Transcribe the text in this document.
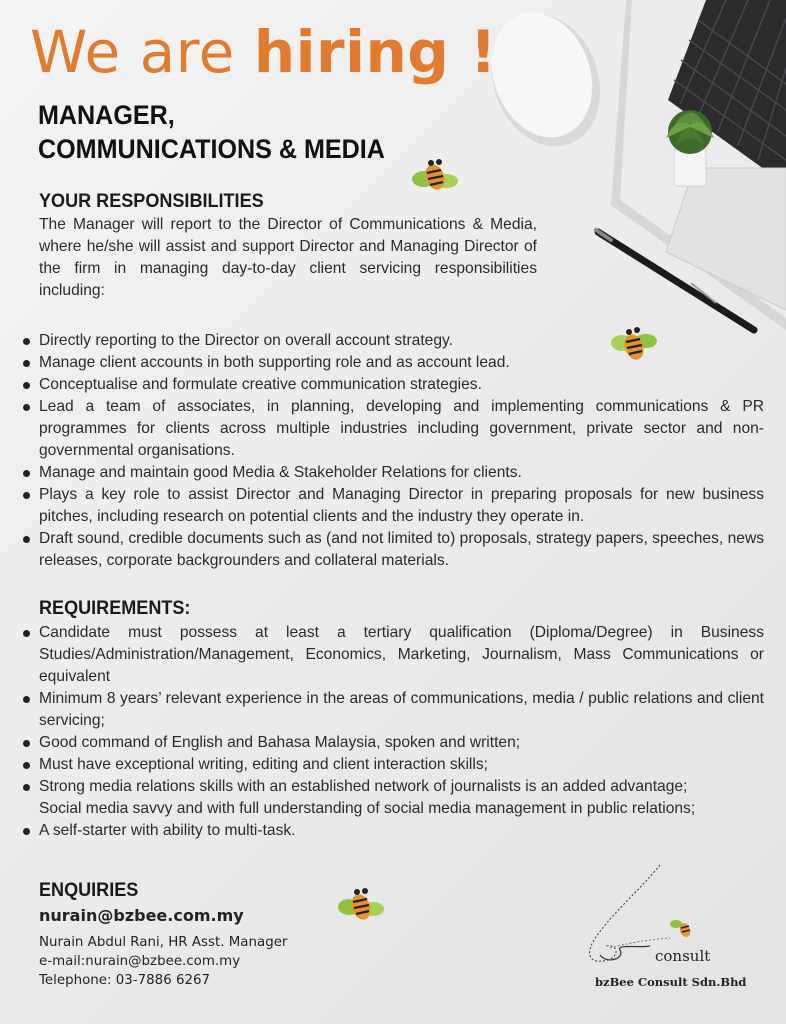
We are hiring !
MANAGER,
COMMUNICATIONS & MEDIA
YOUR RESPONSIBILITIES
The Manager will report to the Director of Communications & Media, where he/she will assist and support Director and Managing Director of the firm in managing day-to-day client servicing responsibilities including:
Directly reporting to the Director on overall account strategy.
Manage client accounts in both supporting role and as account lead.
Conceptualise and formulate creative communication strategies.
Lead a team of associates, in planning, developing and implementing communications & PR programmes for clients across multiple industries including government, private sector and non-governmental organisations.
Manage and maintain good Media & Stakeholder Relations for clients.
Plays a key role to assist Director and Managing Director in preparing proposals for new business pitches, including research on potential clients and the industry they operate in.
Draft sound, credible documents such as (and not limited to) proposals, strategy papers, speeches, news releases, corporate backgrounders and collateral materials.
REQUIREMENTS:
Candidate must possess at least a tertiary qualification (Diploma/Degree) in Business Studies/Administration/Management, Economics, Marketing, Journalism, Mass Communications or equivalent
Minimum 8 years’ relevant experience in the areas of communications, media / public relations and client servicing;
Good command of English and Bahasa Malaysia, spoken and written;
Must have exceptional writing, editing and client interaction skills;
Strong media relations skills with an established network of journalists is an added advantage;
Social media savvy and with full understanding of social media management in public relations;
A self-starter with ability to multi-task.
ENQUIRIES
nurain@bzbee.com.my
Nurain Abdul Rani, HR Asst. Manager
e-mail:nurain@bzbee.com.my
Telephone: 03-7886 6267
consult
bzBee Consult Sdn.Bhd
